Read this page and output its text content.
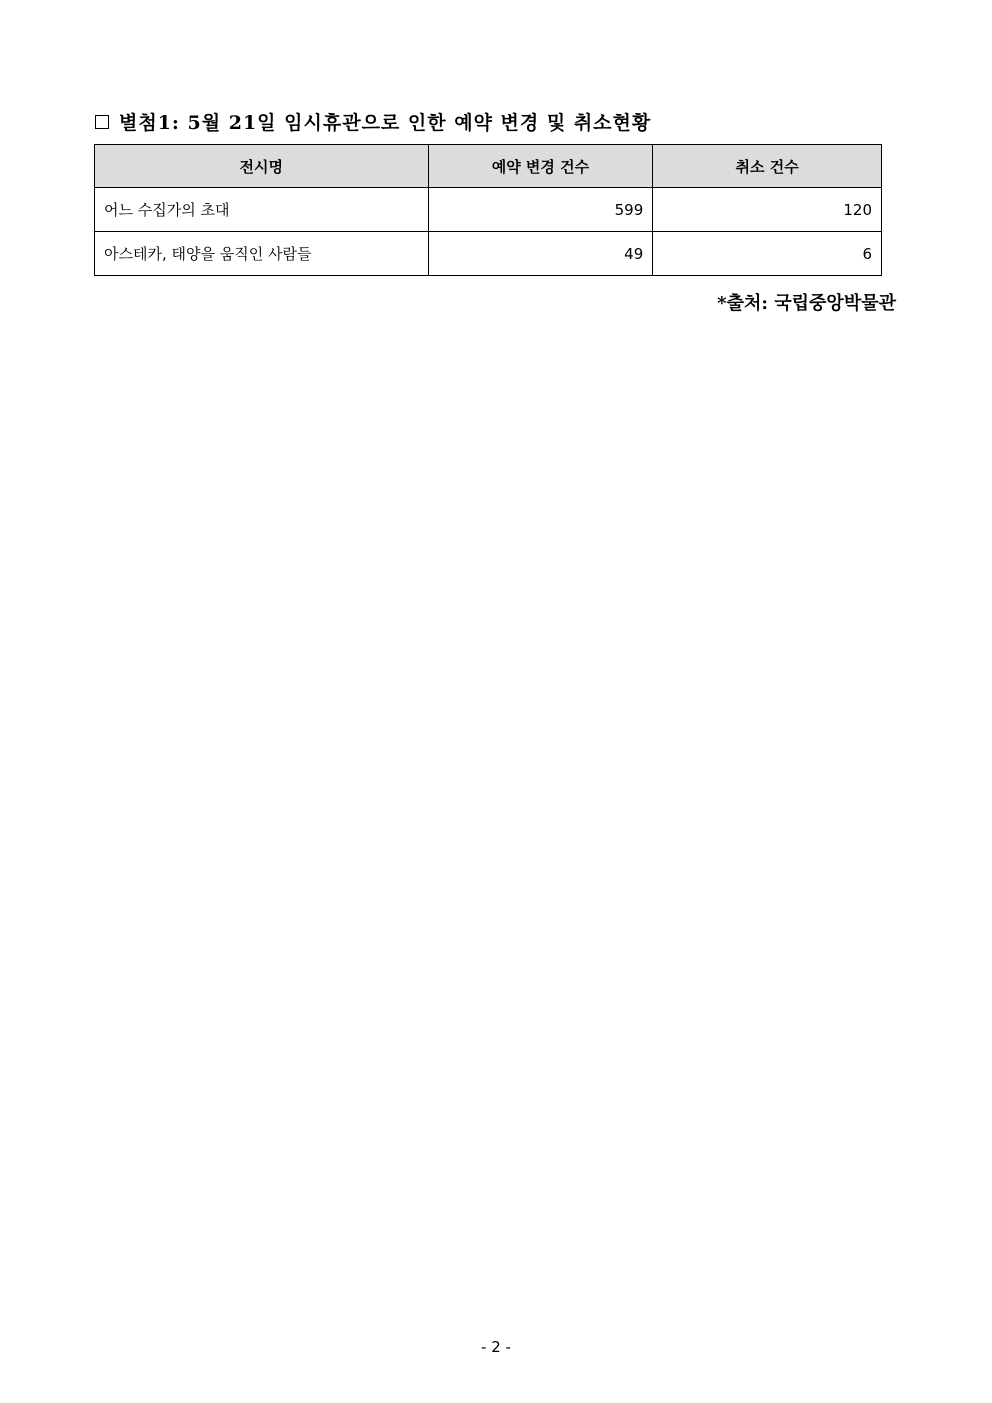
별첨1: 5월 21일 임시휴관으로 인한 예약 변경 및 취소현황
전시명	예약 변경 건수	취소 건수
어느 수집가의 초대	599	120
아스테카, 태양을 움직인 사람들	49	6
*출처: 국립중앙박물관
- 2 -
